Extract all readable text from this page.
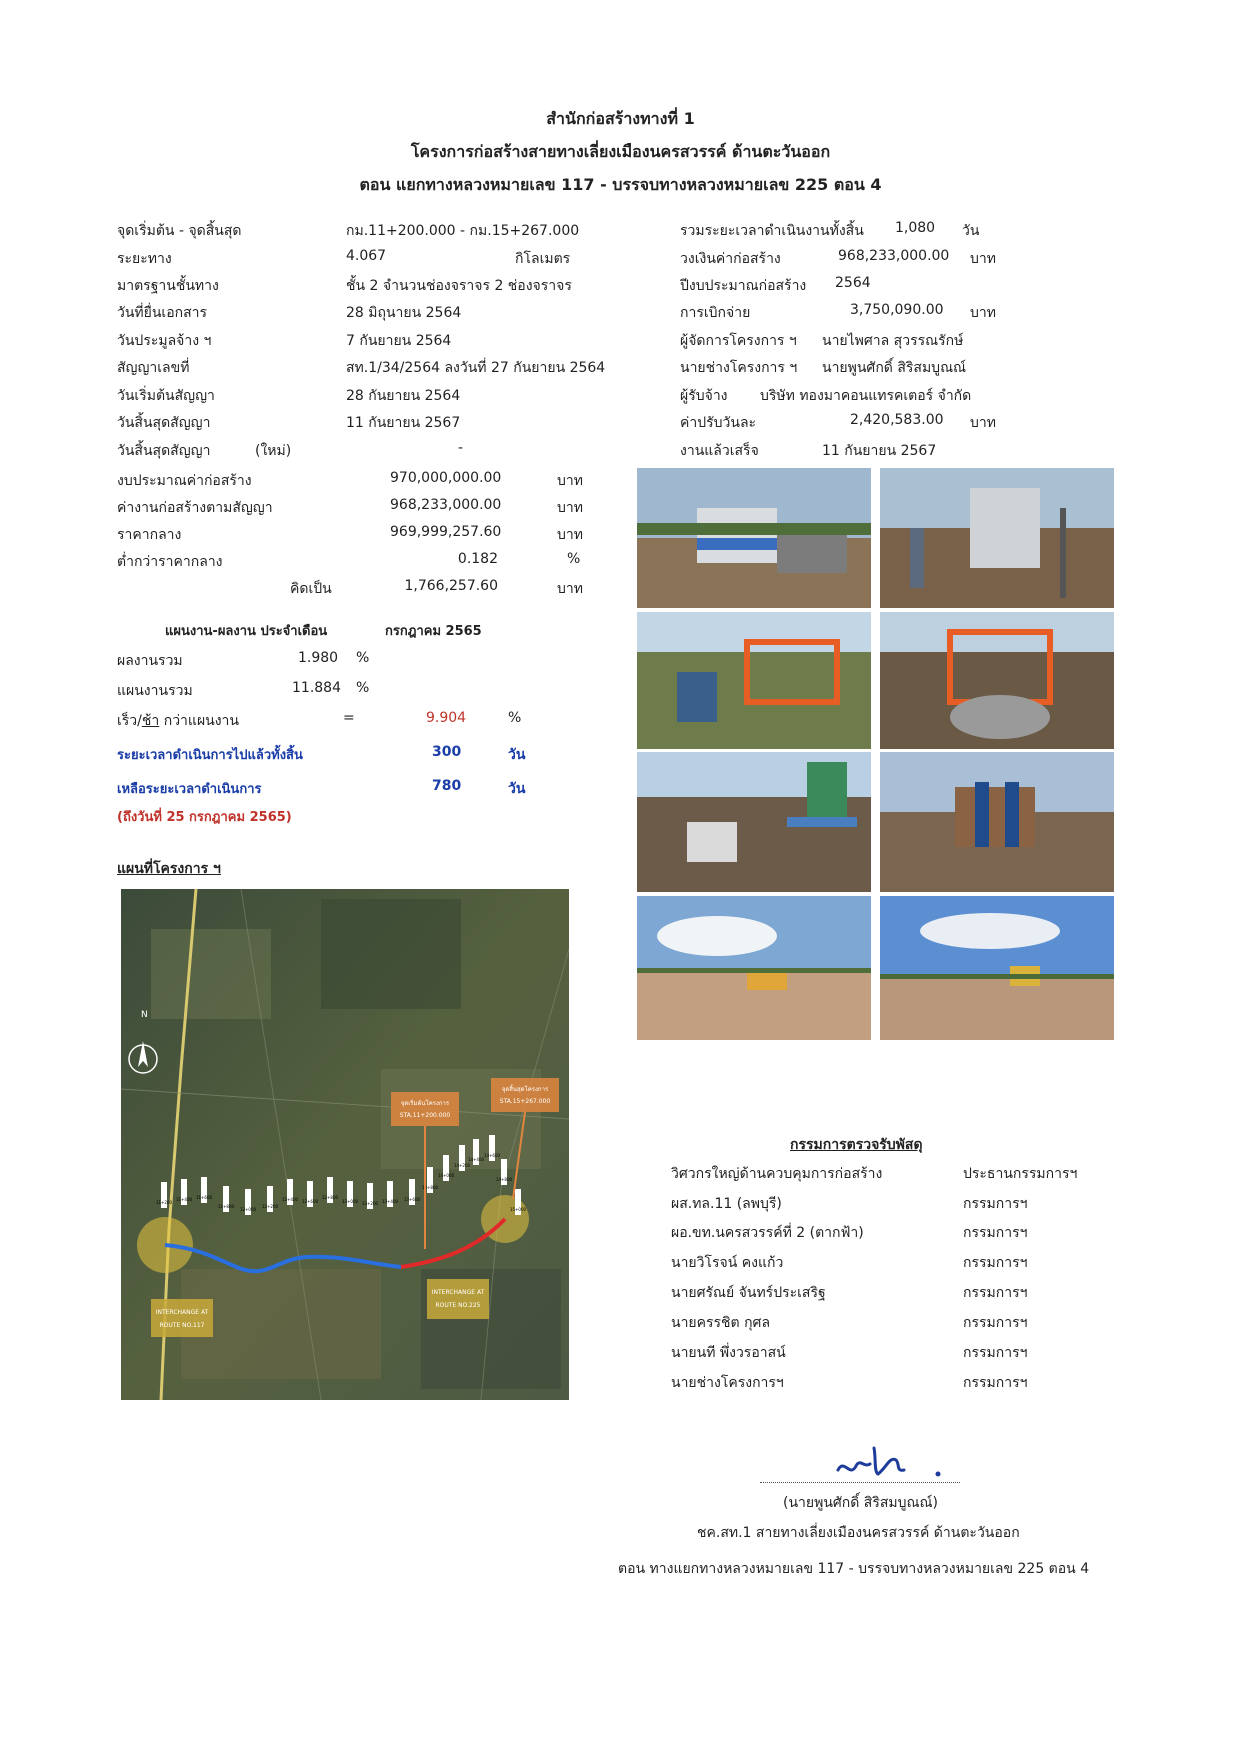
สำนักก่อสร้างทางที่ 1
โครงการก่อสร้างสายทางเลี่ยงเมืองนครสวรรค์ ด้านตะวันออก
ตอน แยกทางหลวงหมายเลข 117 - บรรจบทางหลวงหมายเลข 225 ตอน 4
จุดเริ่มต้น - จุดสิ้นสุด	กม.11+200.000 - กม.15+267.000
ระยะทาง	4.067	กิโลเมตร
มาตรฐานชั้นทาง	ชั้น 2 จำนวนช่องจราจร 2 ช่องจราจร
วันที่ยื่นเอกสาร	28 มิถุนายน 2564
วันประมูลจ้าง ฯ	7 กันยายน 2564
สัญญาเลขที่	สท.1/34/2564 ลงวันที่ 27 กันยายน 2564
วันเริ่มต้นสัญญา	28 กันยายน 2564
วันสิ้นสุดสัญญา	11 กันยายน 2567
วันสิ้นสุดสัญญา	(ใหม่)	-
งบประมาณค่าก่อสร้าง	970,000,000.00	บาท
ค่างานก่อสร้างตามสัญญา	968,233,000.00	บาท
ราคากลาง	969,999,257.60	บาท
ต่ำกว่าราคากลาง	0.182	%
คิดเป็น	1,766,257.60	บาท
รวมระยะเวลาดำเนินงานทั้งสิ้น 1,080 วัน
วงเงินค่าก่อสร้าง	968,233,000.00 บาท
ปีงบประมาณก่อสร้าง 2564
การเบิกจ่าย	3,750,090.00 บาท
ผู้จัดการโครงการ ฯ นายไพศาล สุวรรณรักษ์
นายช่างโครงการ ฯ นายพูนศักดิ์ สิริสมบูณณ์
ผู้รับจ้าง บริษัท ทองมาคอนแทรคเตอร์ จำกัด
ค่าปรับวันละ	2,420,583.00 บาท
งานแล้วเสร็จ	11 กันยายน 2567
แผนงาน-ผลงาน ประจำเดือน	กรกฎาคม 2565
ผลงานรวม	1.980 %
แผนงานรวม	11.884 %
เร็ว/ช้า กว่าแผนงาน	=	9.904	%
ระยะเวลาดำเนินการไปแล้วทั้งสิ้น	300	วัน
เหลือระยะเวลาดำเนินการ	780	วัน
(ถึงวันที่ 25 กรกฎาคม 2565)
แผนที่โครงการ ฯ
11+200
11+400 11+600
11+800
12+000
12+200
12+400 12+600
12+800
13+000 13+200 13+400 13+600
13+800
14+000
14+200
14+400
14+600
14+800
15+000
N
จุดเริ่มต้นโครงการ
STA.11+200.000
จุดสิ้นสุดโครงการ
STA.15+267.000
INTERCHANGE AT
ROUTE NO.117
INTERCHANGE AT
ROUTE NO.225
กรรมการตรวจรับพัสดุ
วิศวกรใหญ่ด้านควบคุมการก่อสร้าง	ประธานกรรมการฯ
ผส.ทล.11 (ลพบุรี)	กรรมการฯ
ผอ.ขท.นครสวรรค์ที่ 2 (ตากฟ้า)	กรรมการฯ
นายวิโรจน์ คงแก้ว	กรรมการฯ
นายศรัณย์ จันทร์ประเสริฐ	กรรมการฯ
นายครรชิต กุศล	กรรมการฯ
นายนที พึ่งวรอาสน์	กรรมการฯ
นายช่างโครงการฯ	กรรมการฯ
(นายพูนศักดิ์ สิริสมบูณณ์)
ชค.สท.1 สายทางเลี่ยงเมืองนครสวรรค์ ด้านตะวันออก
ตอน ทางแยกทางหลวงหมายเลข 117 - บรรจบทางหลวงหมายเลข 225 ตอน 4
